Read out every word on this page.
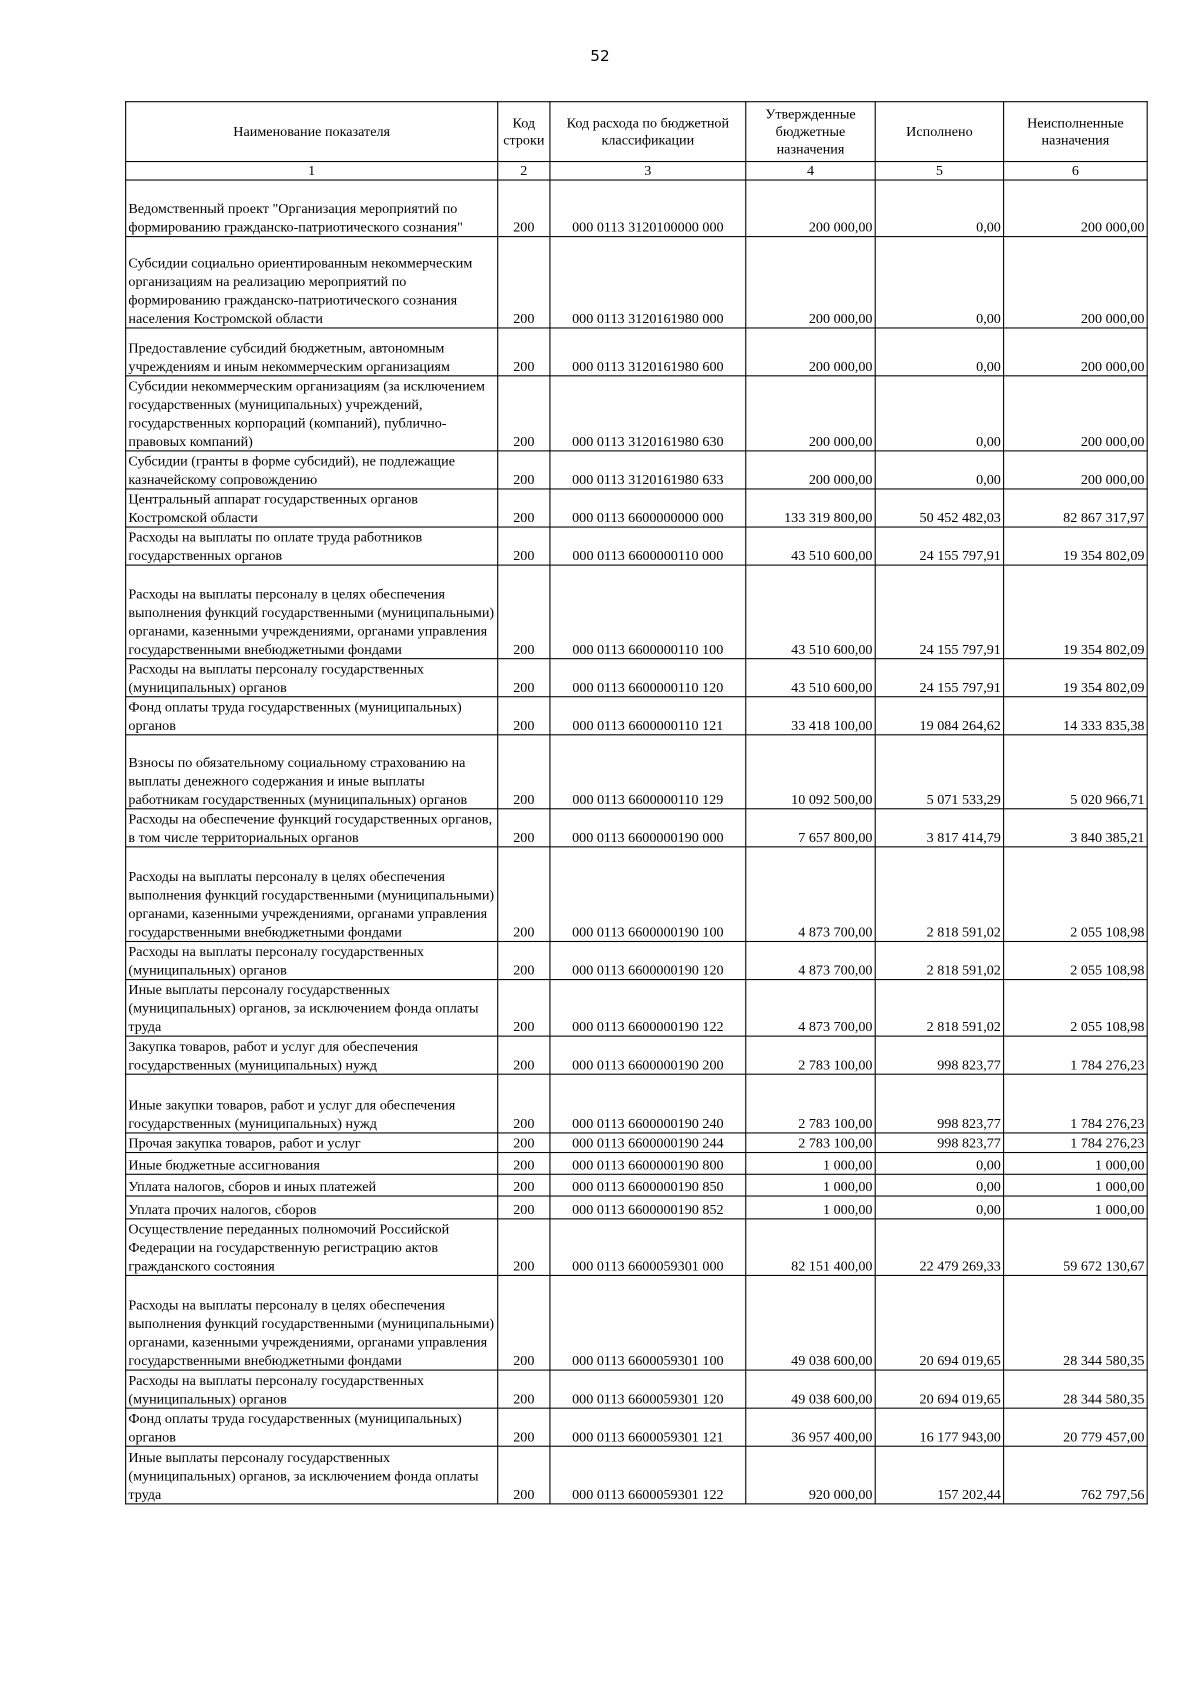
52
Наименование показателя	Код строки	Код расхода по бюджетной классификации	Утвержденные бюджетные назначения	Исполнено	Неисполненные назначения
1	2	3	4	5	6
Ведомственный проект "Организация мероприятий по формированию гражданско-патриотического сознания"	200	000 0113 3120100000 000	200 000,00	0,00	200 000,00
Субсидии социально ориентированным некоммерческим организациям на реализацию мероприятий по формированию гражданско-патриотического сознания населения Костромской области	200	000 0113 3120161980 000	200 000,00	0,00	200 000,00
Предоставление субсидий бюджетным, автономным учреждениям и иным некоммерческим организациям	200	000 0113 3120161980 600	200 000,00	0,00	200 000,00
Субсидии некоммерческим организациям (за исключением государственных (муниципальных) учреждений, государственных корпораций (компаний), публично-правовых компаний)	200	000 0113 3120161980 630	200 000,00	0,00	200 000,00
Субсидии (гранты в форме субсидий), не подлежащие казначейскому сопровождению	200	000 0113 3120161980 633	200 000,00	0,00	200 000,00
Центральный аппарат государственных органов Костромской области	200	000 0113 6600000000 000	133 319 800,00	50 452 482,03	82 867 317,97
Расходы на выплаты по оплате труда работников государственных органов	200	000 0113 6600000110 000	43 510 600,00	24 155 797,91	19 354 802,09
Расходы на выплаты персоналу в целях обеспечения выполнения функций государственными (муниципальными) органами, казенными учреждениями, органами управления государственными внебюджетными фондами	200	000 0113 6600000110 100	43 510 600,00	24 155 797,91	19 354 802,09
Расходы на выплаты персоналу государственных (муниципальных) органов	200	000 0113 6600000110 120	43 510 600,00	24 155 797,91	19 354 802,09
Фонд оплаты труда государственных (муниципальных) органов	200	000 0113 6600000110 121	33 418 100,00	19 084 264,62	14 333 835,38
Взносы по обязательному социальному страхованию на выплаты денежного содержания и иные выплаты работникам государственных (муниципальных) органов	200	000 0113 6600000110 129	10 092 500,00	5 071 533,29	5 020 966,71
Расходы на обеспечение функций государственных органов, в том числе территориальных органов	200	000 0113 6600000190 000	7 657 800,00	3 817 414,79	3 840 385,21
Расходы на выплаты персоналу в целях обеспечения выполнения функций государственными (муниципальными) органами, казенными учреждениями, органами управления государственными внебюджетными фондами	200	000 0113 6600000190 100	4 873 700,00	2 818 591,02	2 055 108,98
Расходы на выплаты персоналу государственных (муниципальных) органов	200	000 0113 6600000190 120	4 873 700,00	2 818 591,02	2 055 108,98
Иные выплаты персоналу государственных (муниципальных) органов, за исключением фонда оплаты труда	200	000 0113 6600000190 122	4 873 700,00	2 818 591,02	2 055 108,98
Закупка товаров, работ и услуг для обеспечения государственных (муниципальных) нужд	200	000 0113 6600000190 200	2 783 100,00	998 823,77	1 784 276,23
Иные закупки товаров, работ и услуг для обеспечения государственных (муниципальных) нужд	200	000 0113 6600000190 240	2 783 100,00	998 823,77	1 784 276,23
Прочая закупка товаров, работ и услуг	200	000 0113 6600000190 244	2 783 100,00	998 823,77	1 784 276,23
Иные бюджетные ассигнования	200	000 0113 6600000190 800	1 000,00	0,00	1 000,00
Уплата налогов, сборов и иных платежей	200	000 0113 6600000190 850	1 000,00	0,00	1 000,00
Уплата прочих налогов, сборов	200	000 0113 6600000190 852	1 000,00	0,00	1 000,00
Осуществление переданных полномочий Российской Федерации на государственную регистрацию актов гражданского состояния	200	000 0113 6600059301 000	82 151 400,00	22 479 269,33	59 672 130,67
Расходы на выплаты персоналу в целях обеспечения выполнения функций государственными (муниципальными) органами, казенными учреждениями, органами управления государственными внебюджетными фондами	200	000 0113 6600059301 100	49 038 600,00	20 694 019,65	28 344 580,35
Расходы на выплаты персоналу государственных (муниципальных) органов	200	000 0113 6600059301 120	49 038 600,00	20 694 019,65	28 344 580,35
Фонд оплаты труда государственных (муниципальных) органов	200	000 0113 6600059301 121	36 957 400,00	16 177 943,00	20 779 457,00
Иные выплаты персоналу государственных (муниципальных) органов, за исключением фонда оплаты труда	200	000 0113 6600059301 122	920 000,00	157 202,44	762 797,56
